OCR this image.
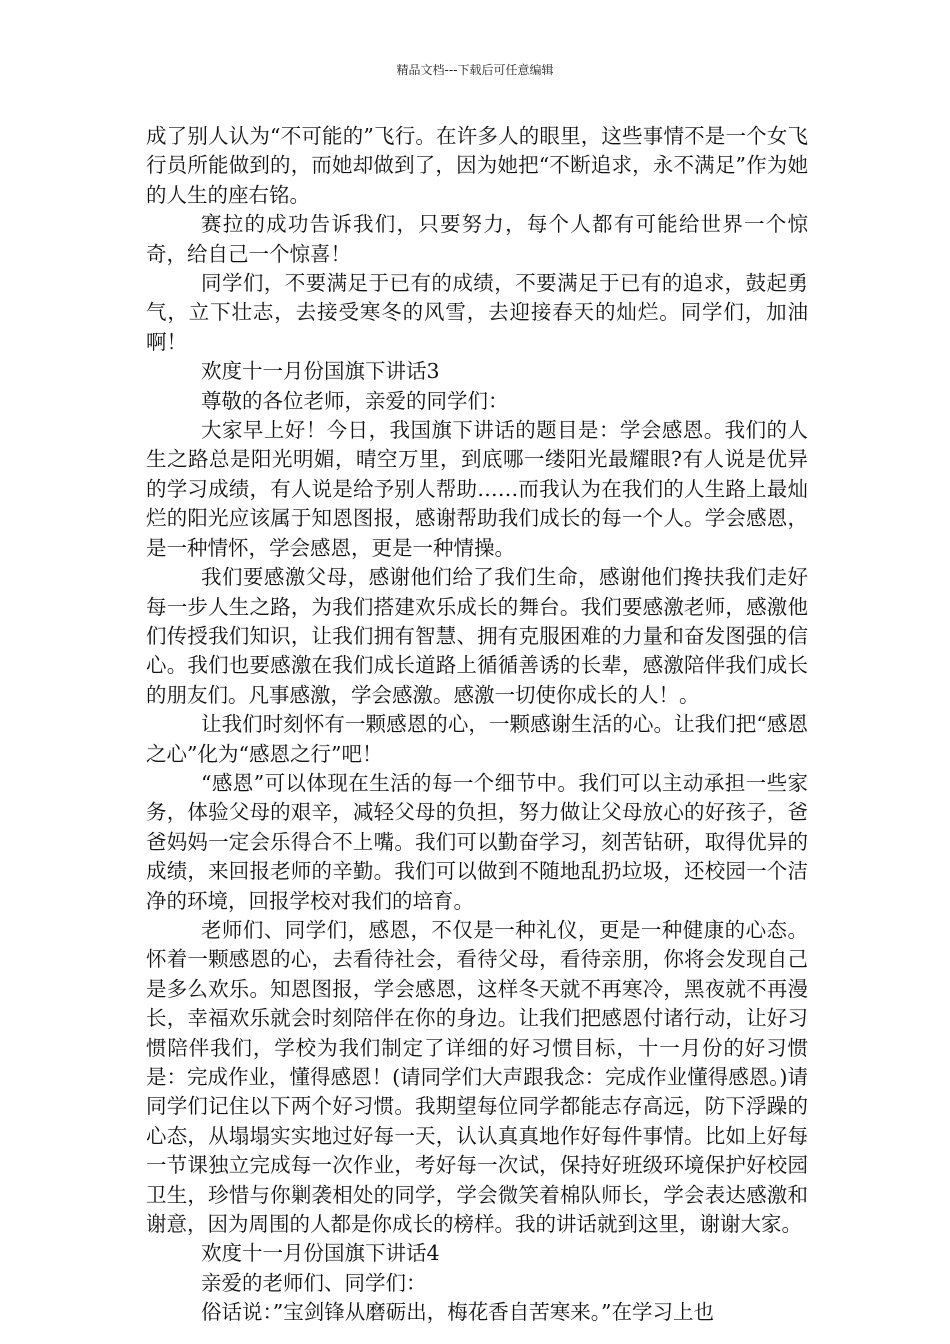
精品文档---下载后可任意编辑

成了别人认为“不可能的”飞行。在许多人的眼里，这些事情不是一个女飞行员所能做到的，而她却做到了，因为她把“不断追求，永不满足”作为她的人生的座右铭。

赛拉的成功告诉我们，只要努力，每个人都有可能给世界一个惊奇，给自己一个惊喜！

同学们，不要满足于已有的成绩，不要满足于已有的追求，鼓起勇气，立下壮志，去接受寒冬的风雪，去迎接春天的灿烂。同学们，加油啊！

欢度十一月份国旗下讲话3

尊敬的各位老师，亲爱的同学们：

大家早上好！今日，我国旗下讲话的题目是：学会感恩。我们的人生之路总是阳光明媚，晴空万里，到底哪一缕阳光最耀眼?有人说是优异的学习成绩，有人说是给予别人帮助……而我认为在我们的人生路上最灿烂的阳光应该属于知恩图报，感谢帮助我们成长的每一个人。学会感恩，是一种情怀，学会感恩，更是一种情操。

我们要感激父母，感谢他们给了我们生命，感谢他们搀扶我们走好每一步人生之路，为我们搭建欢乐成长的舞台。我们要感激老师，感激他们传授我们知识，让我们拥有智慧、拥有克服困难的力量和奋发图强的信心。我们也要感激在我们成长道路上循循善诱的长辈，感激陪伴我们成长的朋友们。凡事感激，学会感激。感激一切使你成长的人！。

让我们时刻怀有一颗感恩的心，一颗感谢生活的心。让我们把“感恩之心”化为“感恩之行”吧！

“感恩”可以体现在生活的每一个细节中。我们可以主动承担一些家务，体验父母的艰辛，减轻父母的负担，努力做让父母放心的好孩子，爸爸妈妈一定会乐得合不上嘴。我们可以勤奋学习，刻苦钻研，取得优异的成绩，来回报老师的辛勤。我们可以做到不随地乱扔垃圾，还校园一个洁净的环境，回报学校对我们的培育。

老师们、同学们，感恩，不仅是一种礼仪，更是一种健康的心态。怀着一颗感恩的心，去看待社会，看待父母，看待亲朋，你将会发现自己是多么欢乐。知恩图报，学会感恩，这样冬天就不再寒冷，黑夜就不再漫长，幸福欢乐就会时刻陪伴在你的身边。让我们把感恩付诸行动，让好习惯陪伴我们，学校为我们制定了详细的好习惯目标，十一月份的好习惯是：完成作业，懂得感恩！(请同学们大声跟我念：完成作业懂得感恩。)请同学们记住以下两个好习惯。我期望每位同学都能志存高远，防下浮躁的心态，从塌塌实实地过好每一天，认认真真地作好每件事情。比如上好每一节课独立完成每一次作业，考好每一次试，保持好班级环境保护好校园卫生，珍惜与你剿袭相处的同学，学会微笑着棉队师长，学会表达感激和谢意，因为周围的人都是你成长的榜样。我的讲话就到这里，谢谢大家。

欢度十一月份国旗下讲话4

亲爱的老师们、同学们：

俗话说：”宝剑锋从磨砺出，梅花香自苦寒来。”在学习上也
